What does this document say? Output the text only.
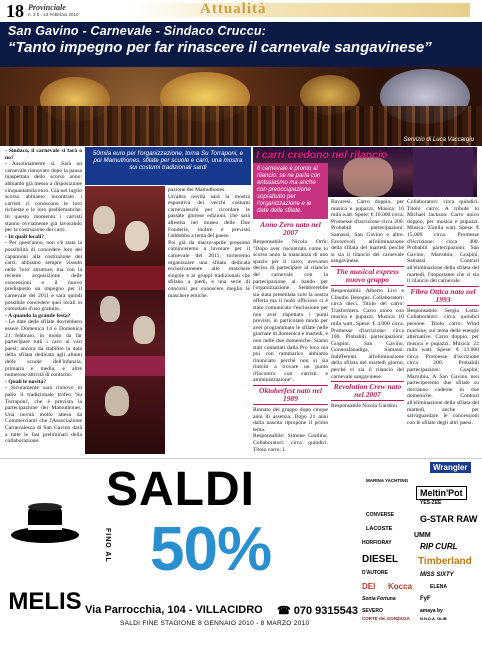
18 Provinciale
n. 3 b - 13 Febbraio 2010	Attualità
San Gavino - Carnevale - Sindaco Cruccu:
“Tanto impegno per far rinascere il carnevale sangavinese”
Servizio di Luca Vaccargiu

- Sindaco, il carnevale si farà o no?

- Assolutamente sì. Sarà un carnevale rinnovato dopo la pausa inaspettata dello scorso anno: abbiamo già messo a disposizione cinquantamila euro. Già nel luglio scorso abbiamo incontrato i carristi ci conoscono le loro richieste e le loro problematiche. In questo momento i carristi stanno ovviamente già lavorando per la costruzione dei carri.

- In quali locali?

- Per quest'anno, non c'è stata la possibilità di concedere loro dei capannoni alla costruzione dei carri; abbiamo sempre vissuto nelle 'loro' strutture, ma con la recente acquisizione delle concessioni e il nuovo predisposto un impegno per il carnevale del 2011 e sarà quindi possibile concedere quei locali in comodato d'uso gratuito.

- A quando la grande festa?

- Le date delle sfilate dovrebbero essere Domenica 14 e Domenica 21 febbraio, in modo da far partecipare tutti i carri ai vari paesi; ancora da stabilire la data della sfilata dedicata agli alunni delle scuole dell'infanzia, primaria e media, e altre numerose attività di contorno.

- Quali le novità?

- Sicuramente sarà rinnovo in palio il tradizionale trofeo 'Su Torraponi', che è prevista la partecipazione dei Mamuthones. Una novità molto attesa da Commercianti che l'Associazione Carnevalesca di San Gavino darà a tutte le fasi preliminari della collaborazione.

50mila euro per l'organizzazione, torna Su Torraponi, e poi Mamuthones, sfilate per scuole e carri, una mostra sui costumi tradizionali sardi

pazione dei Mamuthones.

Un'altra novità sarà la mostra espositiva dei vecchi costumi carnevaleschi per ricordare le passate glorose edizioni, che sarà allestita nel museo delle Due Fonderie, inoltre è previsto l'addobbo a tema del paese.

Poi già da marzo-aprile prossimo cominceremo a lavorare per il carnevale del 2011, torneremo organizzare una sfilata dedicata esclusivamente alle maschere singole e ai gruppi tradizionali che sfilano a piedi, e una serie di concorsi per conoscere meglio le maschere etniche.

I carri credono nel rilancio
Il carnevale è pronto al rilancio: se ne parla con entusiasmo ma anche con preoccupazione soprattutto per l'organizzazione e le date delle sfilate.
Anno Zero nato nel 2007

Responsabile Nicola Orrù: "Dopo aver riscontrato come lo scorso anno la mancanza di uno spazio per il carro, avevamo deciso di partecipare al rilancio del carnevale con la partecipazione al bando per l'organizzazione. Sembrerebbe sia stata presentata solo la nostra offerta ma il nodo ufficioso ci è stato comunicato l'esclusione per non aver rispettato i punti previsti, in particolare modo per aver programmato le sfilate nelle giornate di domenica e martedì, e non nelle due domeniche. Siamo stati contattati dalla Pro loco ma poi con rammarico abbiamo rinunciato perché non si sia riusciti a trovare un punto d'incontro con carristi e amministrazione".

Oktoberfest nato nel 1989

Rinnato del gruppo dopo cinque anni di assenza. Dopo 21 anni dalla nascita ripropone il primo tema.

Responsabile: Simone Gardinu. Collaboratori: circa quindici. Titolo carro: I

Bavaresi. Carro doppio, per musica e pupazzi. Musica: 16 mila watt. Spese: € 10.000 circa. Promesse d'iscrizione circa 200. Probabili partecipazioni: Samassi, San Gavino e altre. Favorevoli all'eliminazione della sfilata del martedì perché si sia il rilancio del carnevale sangavinese.

The musical express nuovo gruppo

Responsabili: Alberto Livi e Claudio Desogus. Collaboratori: circa dieci. Titolo del carro: Trasformers. Carro unico con musica e pupazzi. Musica: 10 mila watt. Spese: € 4.000 circa. Promesse d'iscrizione: circa 100. Probabili partecipazioni: Guspini, San Gavino, Gonnosfanadiga, Samassi. Indifferenti all'eliminazione della sfilata del martedì giorno, perché ci sia il rilancio del carnevale sangavinese.

Revolution Crew nato nel 2007

Responsabile Nicola Gardinu

Collaboratori: circa quindici. Titolo carro: A tribute to Michael Jackson. Carro unico doppio, per musica e pupazzi. Musica: 25mila watt. Spese: € 15.000 circa. Promesse d'iscrizione: circa 400. Probabili partecipazioni: San Gavino, Marrubiu, Guspini, Samassi. Contrari all'eliminazione della sfilata del martedì, l'importante che ci sia il rilancio del carnevale.

Fibra Ottica nato nel 1993

Responsabile: Sergio Lotta. Collaboratori: circa quindici persone. Titolo carro: Wind machine, sul tema delle energie alternative. Carro doppio, per musica e pupazzi. Musica: 22 mila watt. Spese: € 13.000 circa. Promesse d'iscrizione circa 200. Probabili partecipazioni: Guspini, Marrubiu. A San Gavino non parteciperemo due sfilate su dovranno caderne in due domeniche. Contrari all'eliminazione della sfilata del martedì, anche per salvaguardare le concessioni con le sfilate degli altri paesi.

SALDI
FINO AL 50%
MELIS Via Parrocchia, 104 - VILLACIDRO ☎ 070 9315543
SALDI FINE STAGIONE 8 GENNAIO 2010 - 8 MARZO 2010
Wrangler
MARINA YACHTING
Meltin'Pot
YES-ZEE
CONVERSE	G-STAR RAW
LACOSTE
UMM
HORFIORAY	RIP CURL
DIESEL Timberland
D'AUTORE	MISS SIXTY
DEI Kocca	ELENA
Sonia Fortuna	FyF
SEVERO
CORTE dei GONZAGA
amaya by
N.N.D.A. GLIB
